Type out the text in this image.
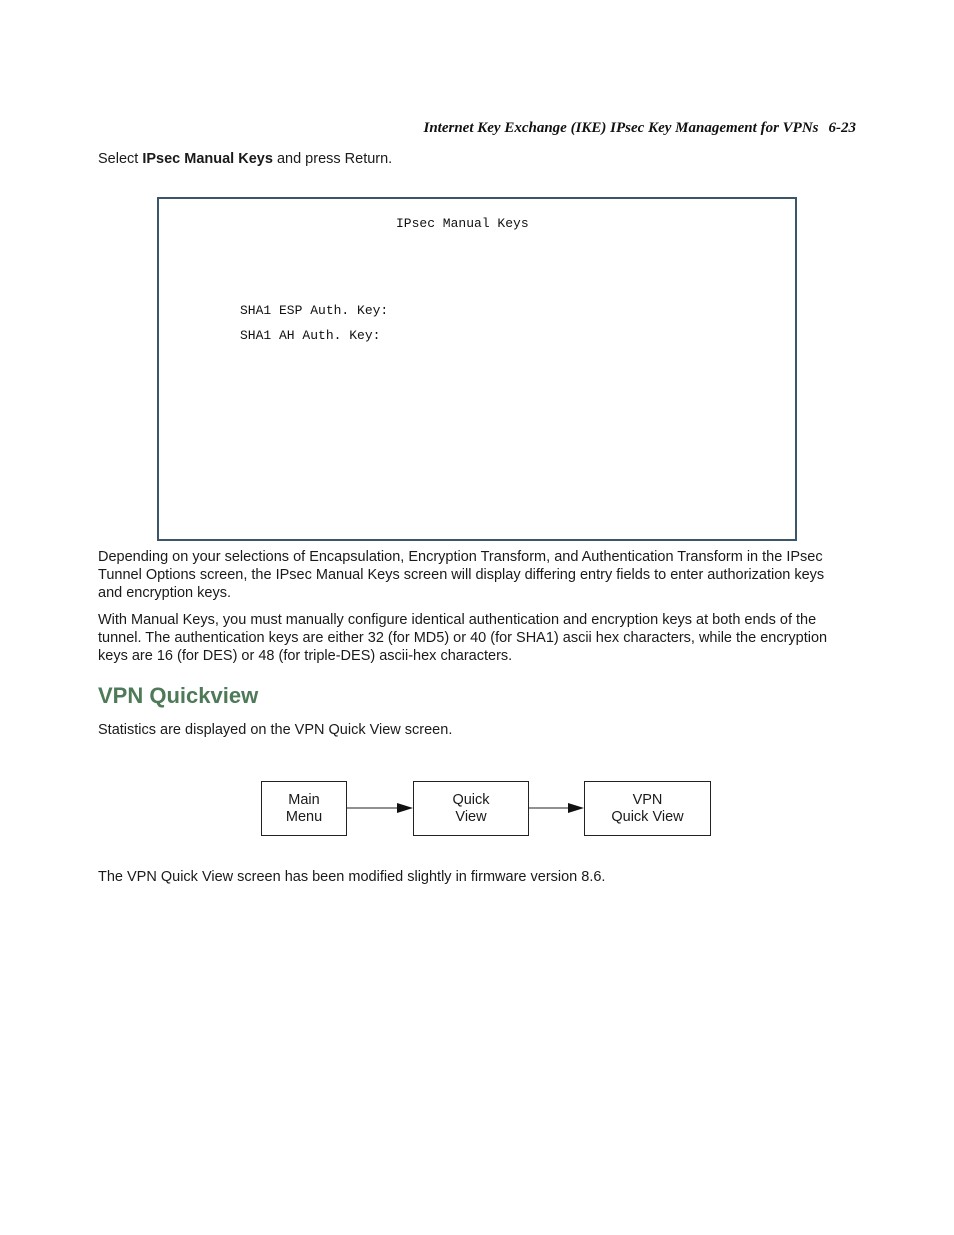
Internet Key Exchange (IKE) IPsec Key Management for VPNs 6-23

Select IPsec Manual Keys and press Return.

IPsec Manual Keys
SHA1 ESP Auth. Key:
SHA1 AH Auth. Key:

Depending on your selections of Encapsulation, Encryption Transform, and Authentication Transform in the IPsec Tunnel Options screen, the IPsec Manual Keys screen will display differing entry fields to enter authorization keys and encryption keys.

With Manual Keys, you must manually configure identical authentication and encryption keys at both ends of the tunnel. The authentication keys are either 32 (for MD5) or 40 (for SHA1) ascii hex characters, while the encryption keys are 16 (for DES) or 48 (for triple-DES) ascii-hex characters.

VPN Quickview

Statistics are displayed on the VPN Quick View screen.

Main
Menu
Quick
View
VPN
Quick View

The VPN Quick View screen has been modified slightly in firmware version 8.6.
